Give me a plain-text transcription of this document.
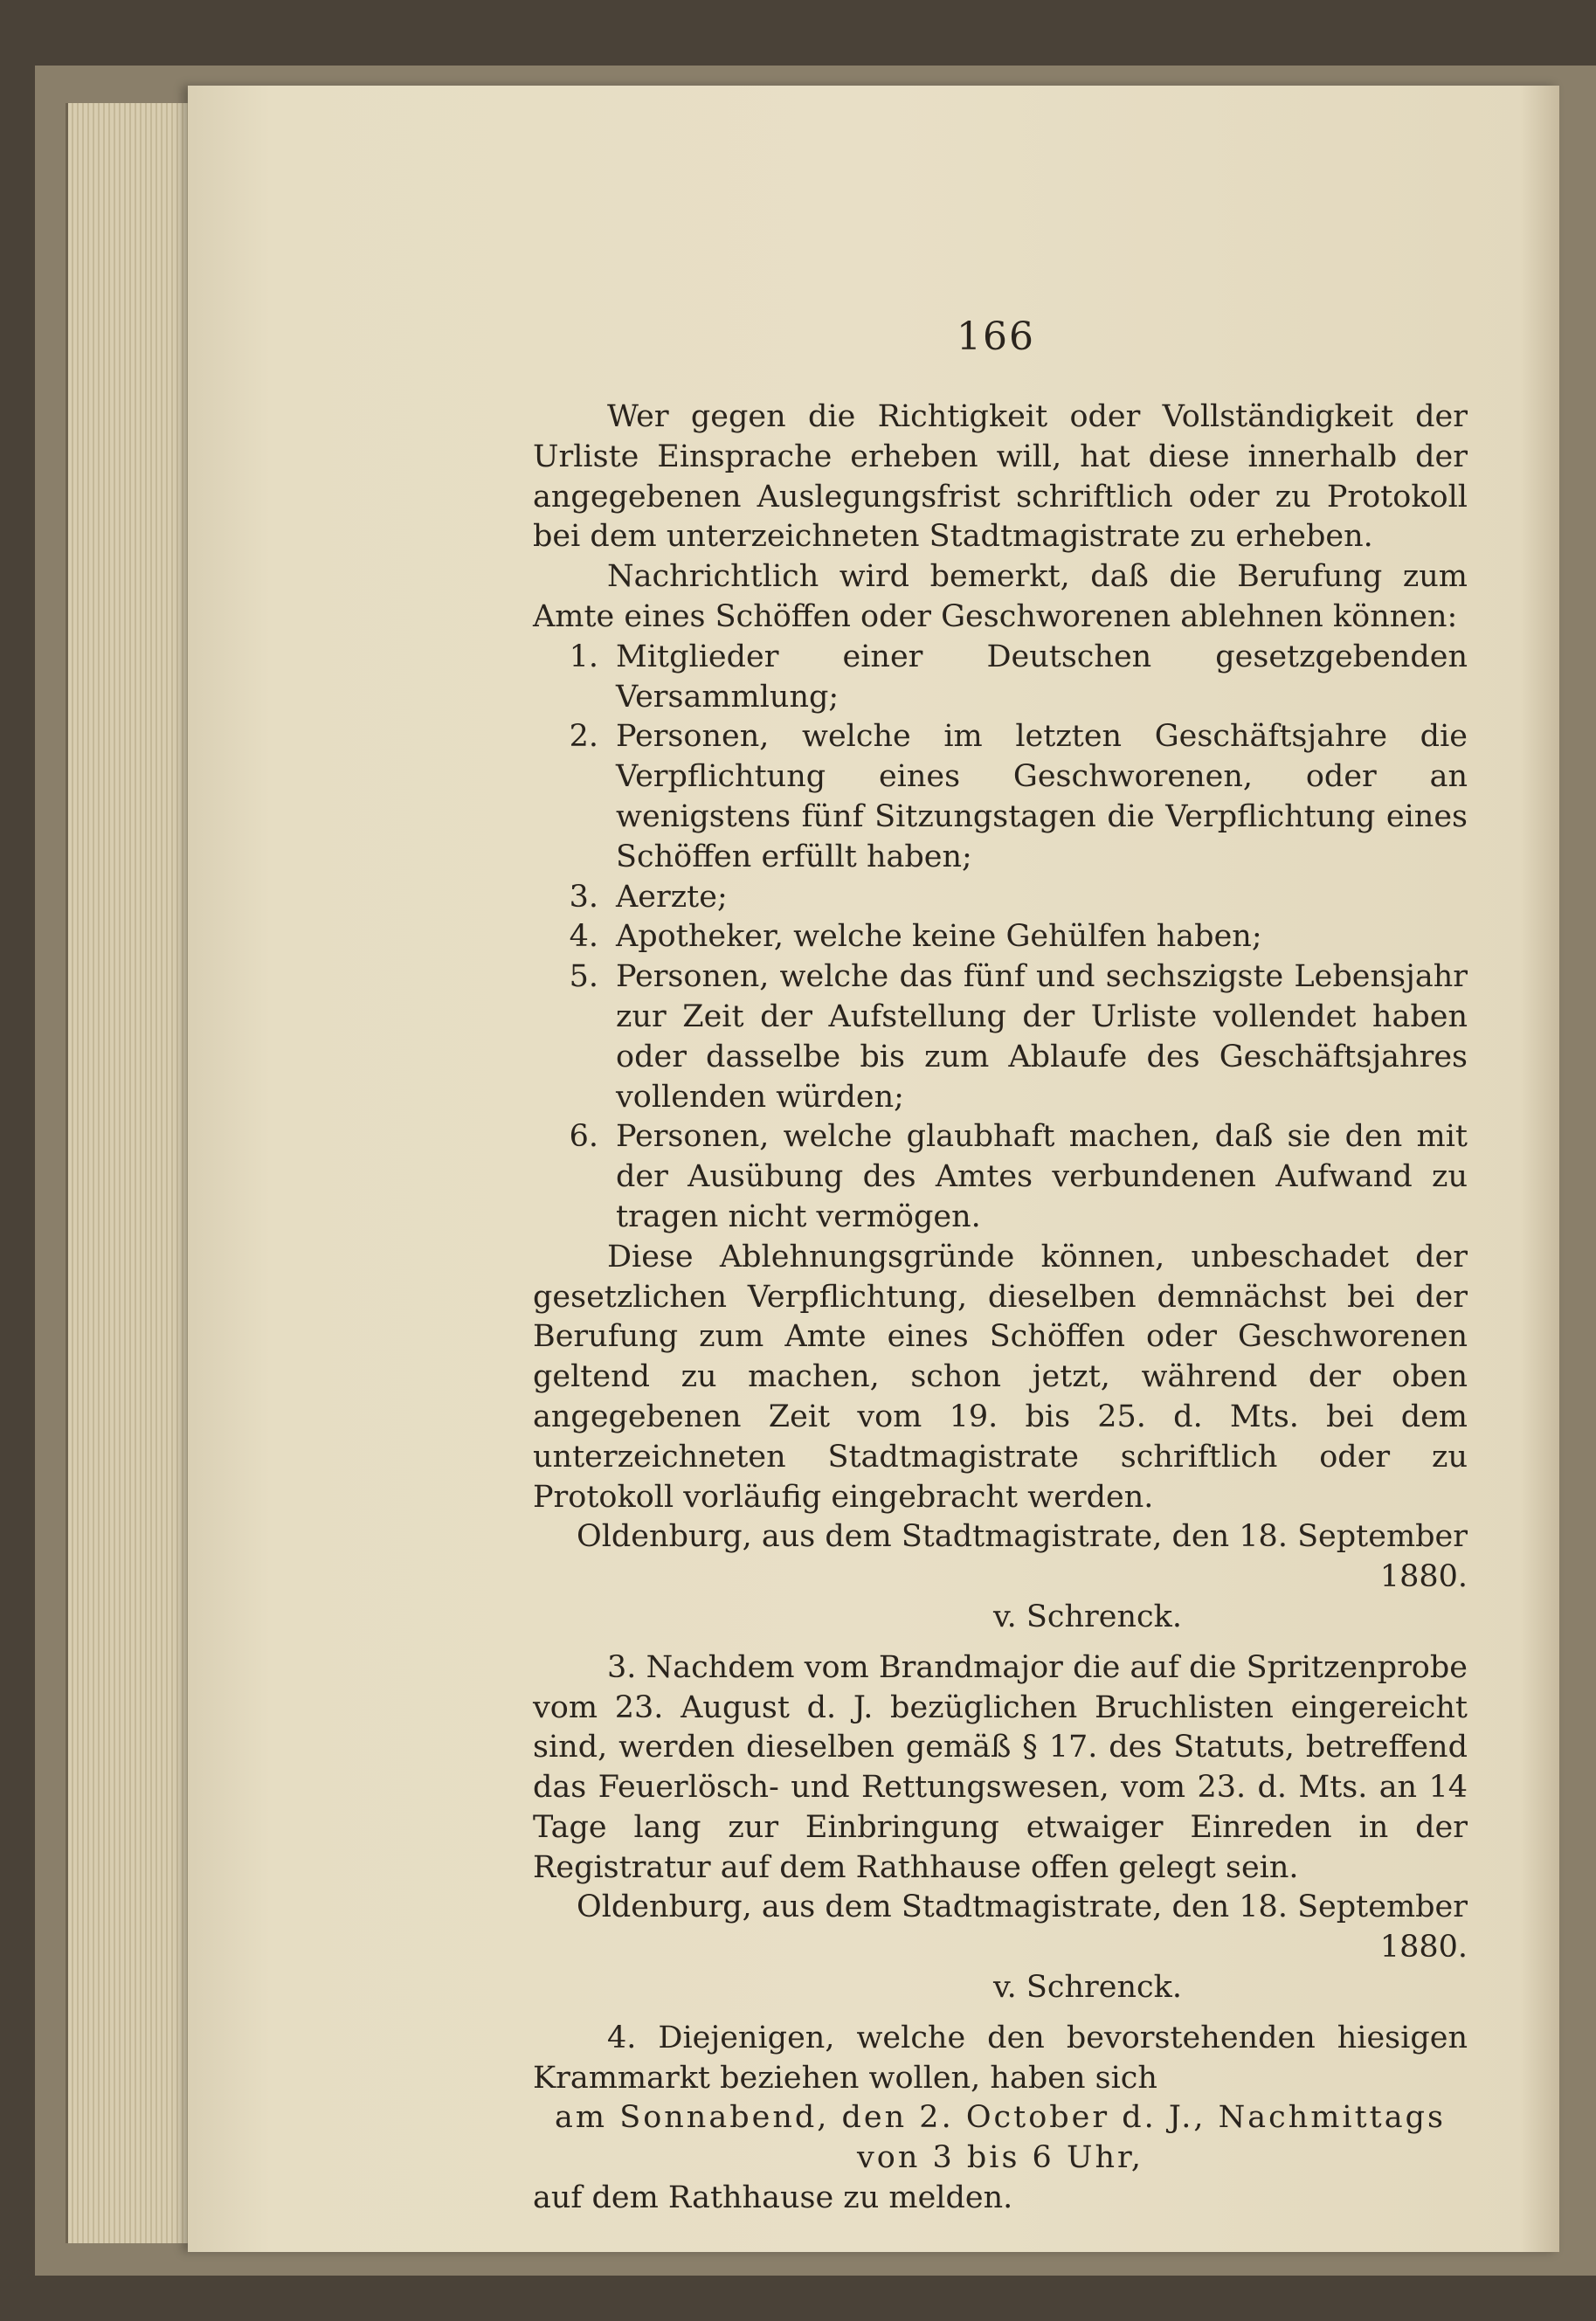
166

Wer gegen die Richtigkeit oder Vollständigkeit der Urliste Einsprache erheben will, hat diese innerhalb der angegebenen Auslegungsfrist schriftlich oder zu Protokoll bei dem unterzeichneten Stadtmagistrate zu erheben.

Nachrichtlich wird bemerkt, daß die Berufung zum Amte eines Schöffen oder Geschworenen ablehnen können:

1. Mitglieder einer Deutschen gesetzgebenden Versammlung;
2. Personen, welche im letzten Geschäftsjahre die Verpflichtung eines Geschworenen, oder an wenigstens fünf Sitzungstagen die Verpflichtung eines Schöffen erfüllt haben;
3. Aerzte;
4. Apotheker, welche keine Gehülfen haben;
5. Personen, welche das fünf und sechszigste Lebensjahr zur Zeit der Aufstellung der Urliste vollendet haben oder dasselbe bis zum Ablaufe des Geschäftsjahres vollenden würden;
6. Personen, welche glaubhaft machen, daß sie den mit der Ausübung des Amtes verbundenen Aufwand zu tragen nicht vermögen.

Diese Ablehnungsgründe können, unbeschadet der gesetzlichen Verpflichtung, dieselben demnächst bei der Berufung zum Amte eines Schöffen oder Geschworenen geltend zu machen, schon jetzt, während der oben angegebenen Zeit vom 19. bis 25. d. Mts. bei dem unterzeichneten Stadtmagistrate schriftlich oder zu Protokoll vorläufig eingebracht werden.

Oldenburg, aus dem Stadtmagistrate, den 18. September 1880.

v. Schrenck.

3. Nachdem vom Brandmajor die auf die Spritzenprobe vom 23. August d. J. bezüglichen Bruchlisten eingereicht sind, werden dieselben gemäß § 17. des Statuts, betreffend das Feuerlösch- und Rettungswesen, vom 23. d. Mts. an 14 Tage lang zur Einbringung etwaiger Einreden in der Registratur auf dem Rathhause offen gelegt sein.

Oldenburg, aus dem Stadtmagistrate, den 18. September 1880.

v. Schrenck.

4. Diejenigen, welche den bevorstehenden hiesigen Krammarkt beziehen wollen, haben sich

am Sonnabend, den 2. October d. J., Nachmittags

von 3 bis 6 Uhr,

auf dem Rathhause zu melden.
